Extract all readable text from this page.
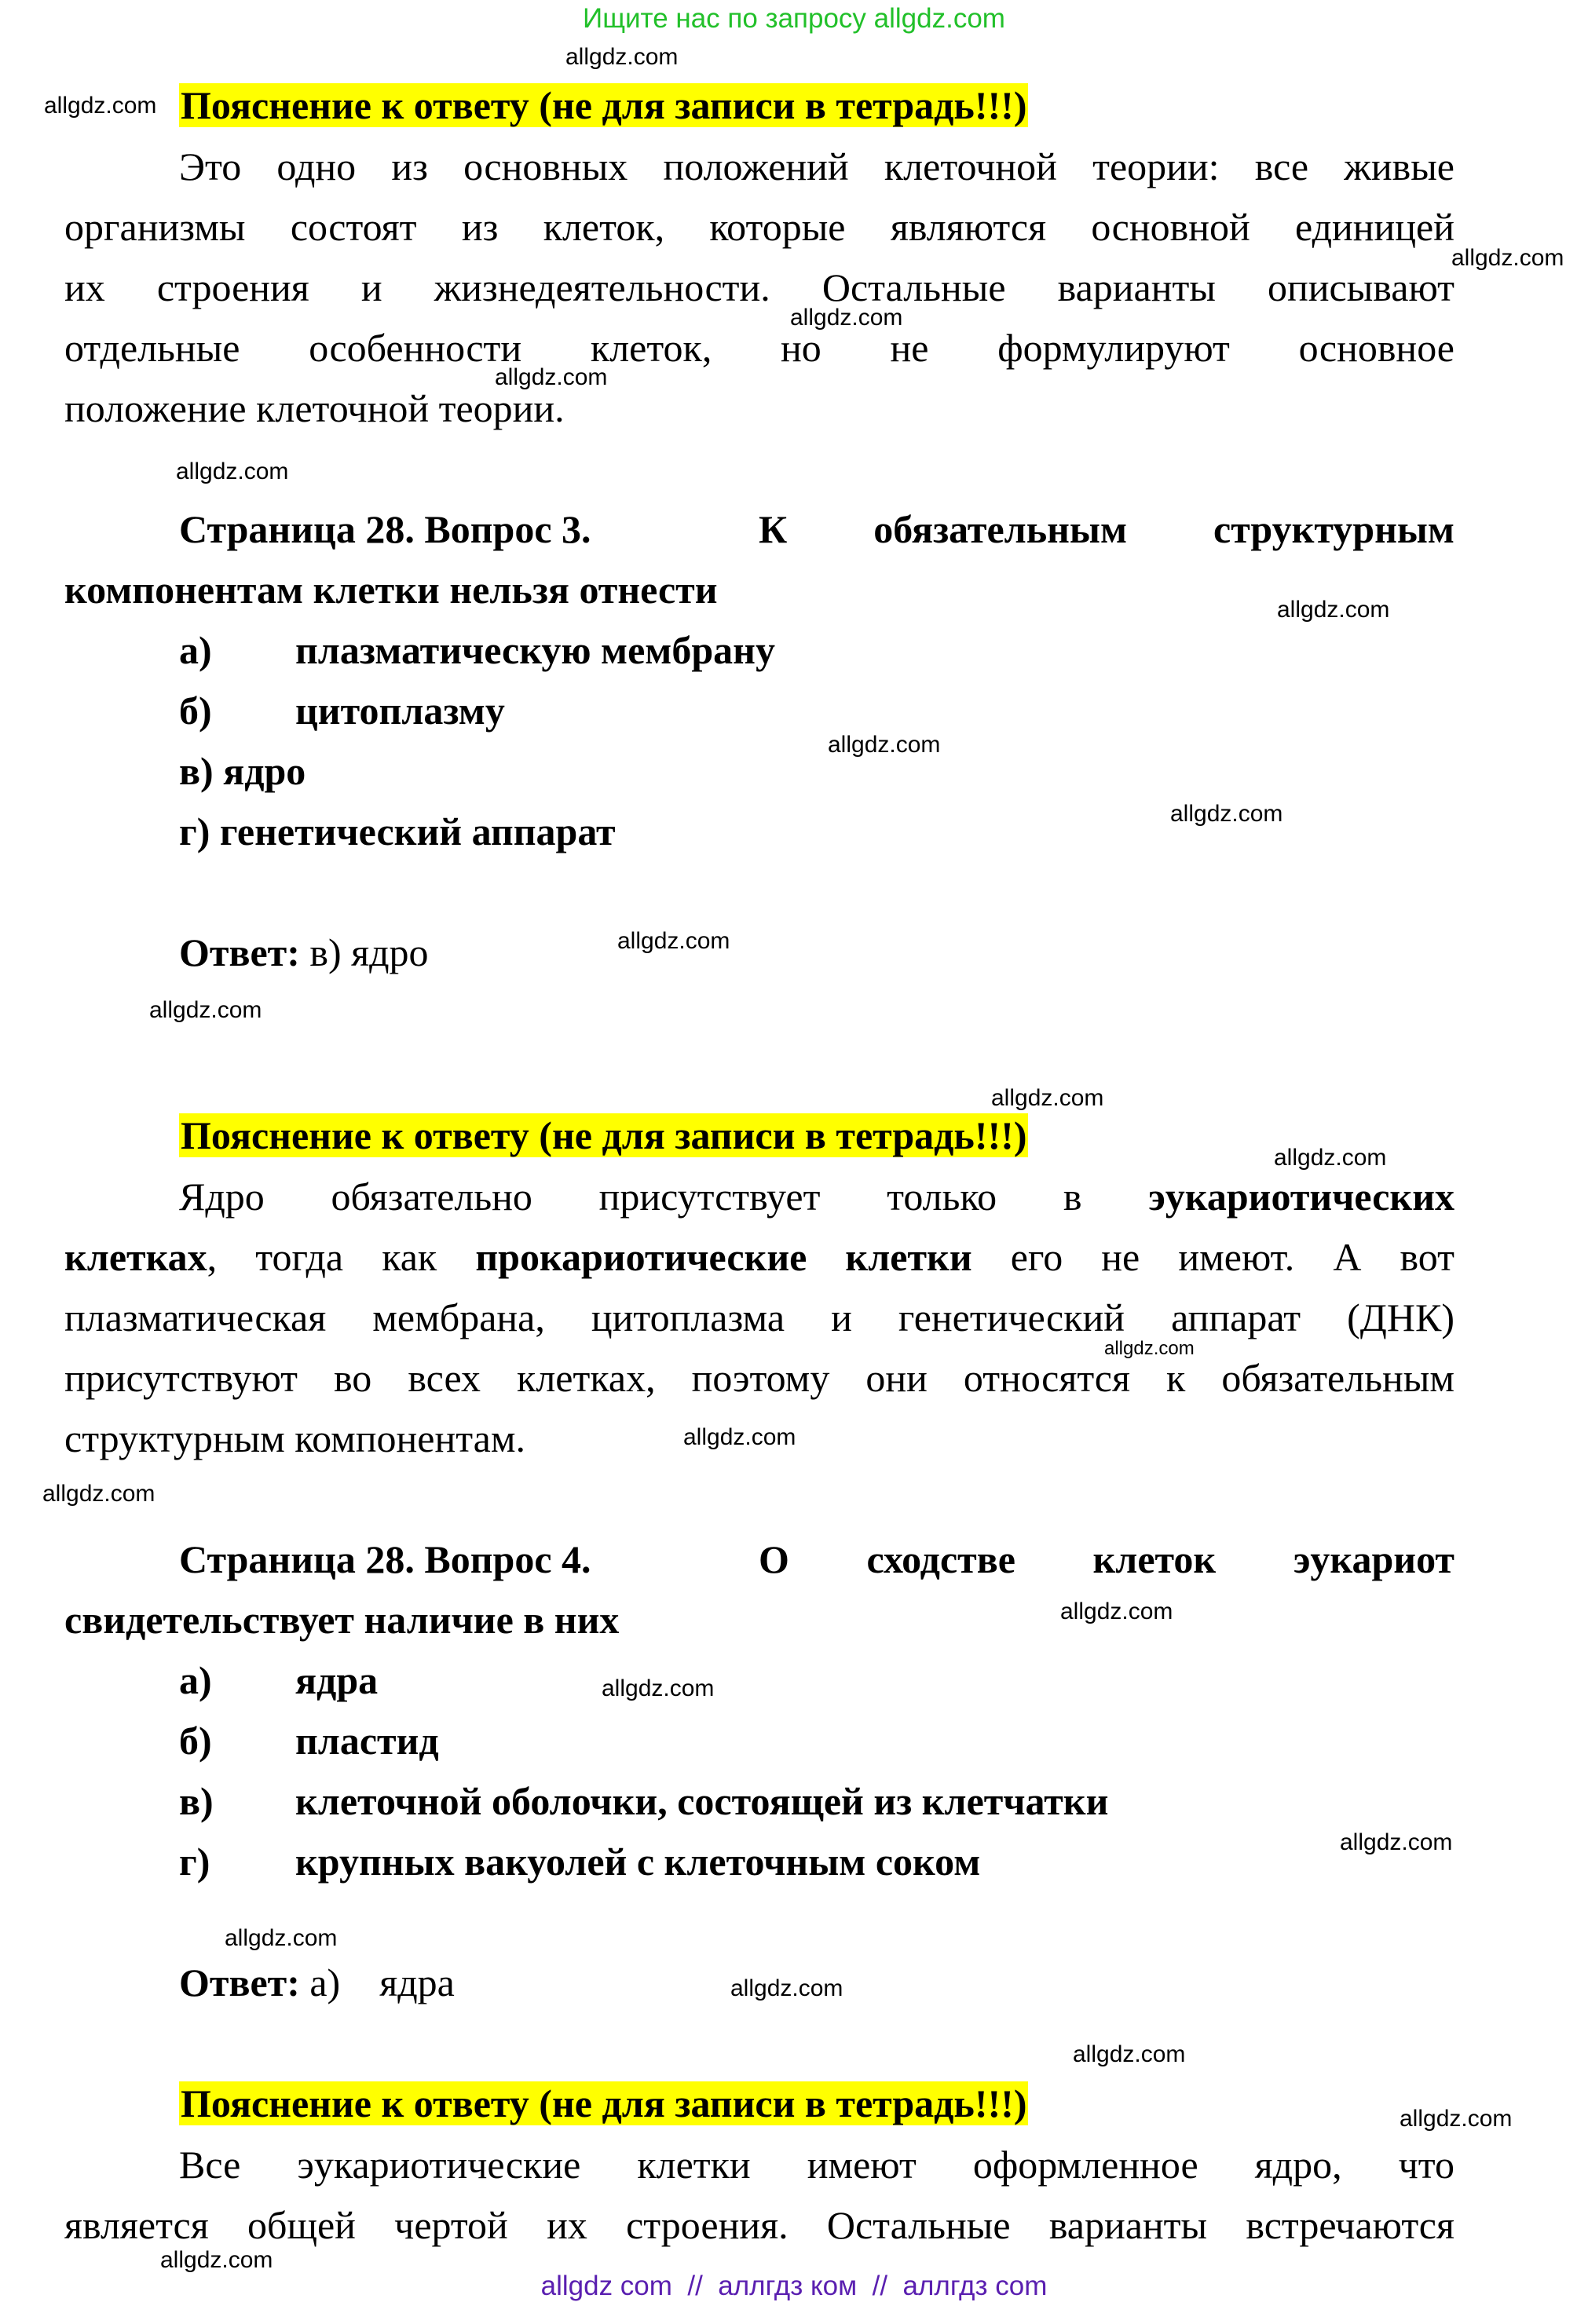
Ищите нас по запросу allgdz.com
Пояснение к ответу (не для записи в тетрадь!!!)
Это одно из основных положений клеточной теории: все живые
организмы состоят из клеток, которые являются основной единицей
их строения и жизнедеятельности. Остальные варианты описывают
отдельные особенности клеток, но не формулируют основное
положение клеточной теории.
Страница 28. Вопрос 3.	К обязательным структурным
компонентам клетки нельзя отнести
а) плазматическую мембрану
б) цитоплазму
в) ядро
г) генетический аппарат
Ответ: в) ядро
Пояснение к ответу (не для записи в тетрадь!!!)
Ядро обязательно присутствует только в эукариотических
клетках, тогда как прокариотические клетки его не имеют. А вот
плазматическая мембрана, цитоплазма и генетический аппарат (ДНК)
присутствуют во всех клетках, поэтому они относятся к обязательным
структурным компонентам.
Страница 28. Вопрос 4.	О сходстве клеток эукариот
свидетельствует наличие в них
а) ядра
б) пластид
в) клеточной оболочки, состоящей из клетчатки
г) крупных вакуолей с клеточным соком
Ответ: а)    ядра
Пояснение к ответу (не для записи в тетрадь!!!)
Все эукариотические клетки имеют оформленное ядро, что
является общей чертой их строения. Остальные варианты встречаются
allgdz.com
allgdz.com
allgdz.com
allgdz.com
allgdz.com
allgdz.com
allgdz.com
allgdz.com
allgdz.com
allgdz.com
allgdz.com
allgdz.com
allgdz.com
allgdz.com
allgdz.com
allgdz.com
allgdz.com
allgdz.com
allgdz.com
allgdz.com
allgdz.com
allgdz.com
allgdz.com
allgdz.com
allgdz com  //  аллгдз ком  //  аллгдз com
